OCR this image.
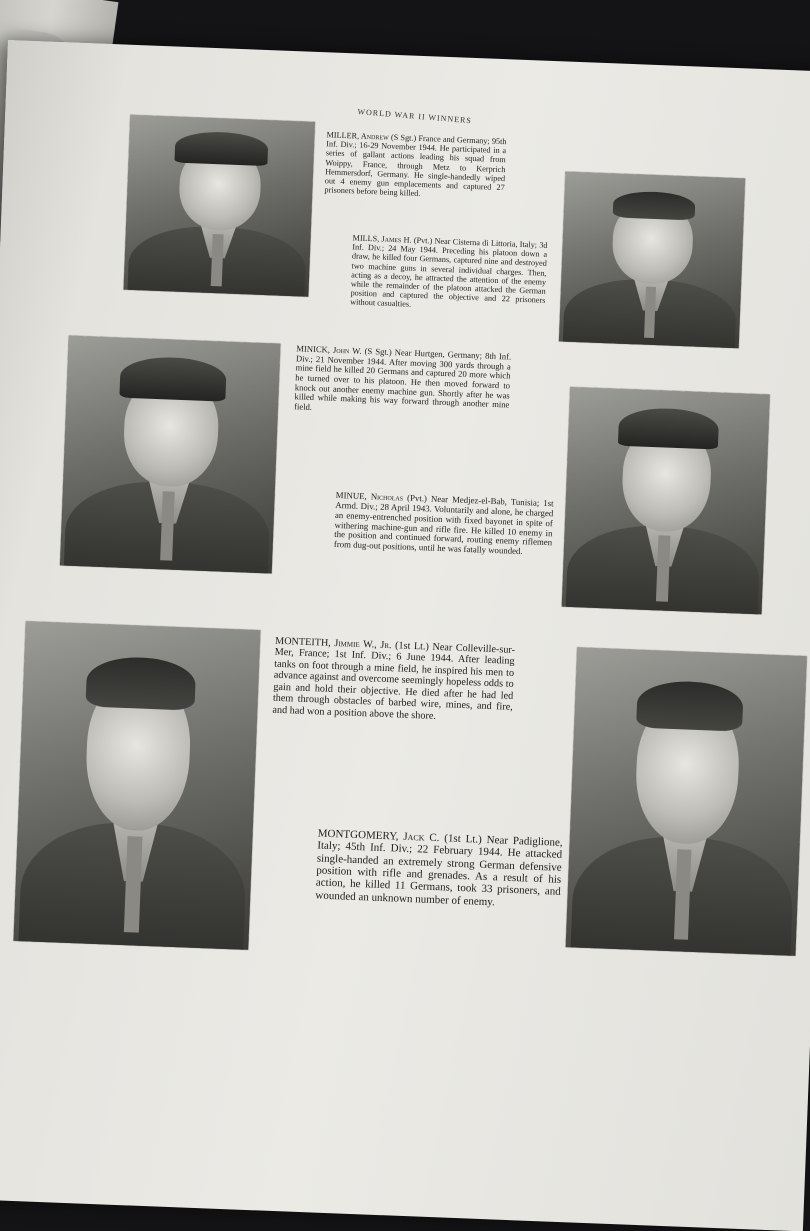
WORLD WAR II WINNERS
MILLER, Andrew (S Sgt.) France and Germany; 95th Inf. Div.; 16-29 November 1944. He participated in a series of gallant actions leading his squad from Woippy, France, through Metz to Kerprich Hemmersdorf, Germany. He single-handedly wiped out 4 enemy gun emplacements and captured 27 prisoners before being killed.
MILLS, James H. (Pvt.) Near Cisterna di Littoria, Italy; 3d Inf. Div.; 24 May 1944. Preceding his platoon down a draw, he killed four Germans, captured nine and destroyed two machine guns in several individual charges. Then, acting as a decoy, he attracted the attention of the enemy while the remainder of the platoon attacked the German position and captured the objective and 22 prisoners without casualties.
MINICK, John W. (S Sgt.) Near Hurtgen, Germany; 8th Inf. Div.; 21 November 1944. After moving 300 yards through a mine field he killed 20 Germans and captured 20 more which he turned over to his platoon. He then moved forward to knock out another enemy machine gun. Shortly after he was killed while making his way forward through another mine field.
MINUE, Nicholas (Pvt.) Near Medjez-el-Bab, Tunisia; 1st Armd. Div.; 28 April 1943. Voluntarily and alone, he charged an enemy-entrenched position with fixed bayonet in spite of withering machine-gun and rifle fire. He killed 10 enemy in the position and continued forward, routing enemy riflemen from dug-out positions, until he was fatally wounded.
MONTEITH, Jimmie W., Jr. (1st Lt.) Near Colleville-sur-Mer, France; 1st Inf. Div.; 6 June 1944. After leading tanks on foot through a mine field, he inspired his men to advance against and overcome seemingly hopeless odds to gain and hold their objective. He died after he had led them through obstacles of barbed wire, mines, and fire, and had won a position above the shore.
MONTGOMERY, Jack C. (1st Lt.) Near Padiglione, Italy; 45th Inf. Div.; 22 February 1944. He attacked single-handed an extremely strong German defensive position with rifle and grenades. As a result of his action, he killed 11 Germans, took 33 prisoners, and wounded an unknown number of enemy.
